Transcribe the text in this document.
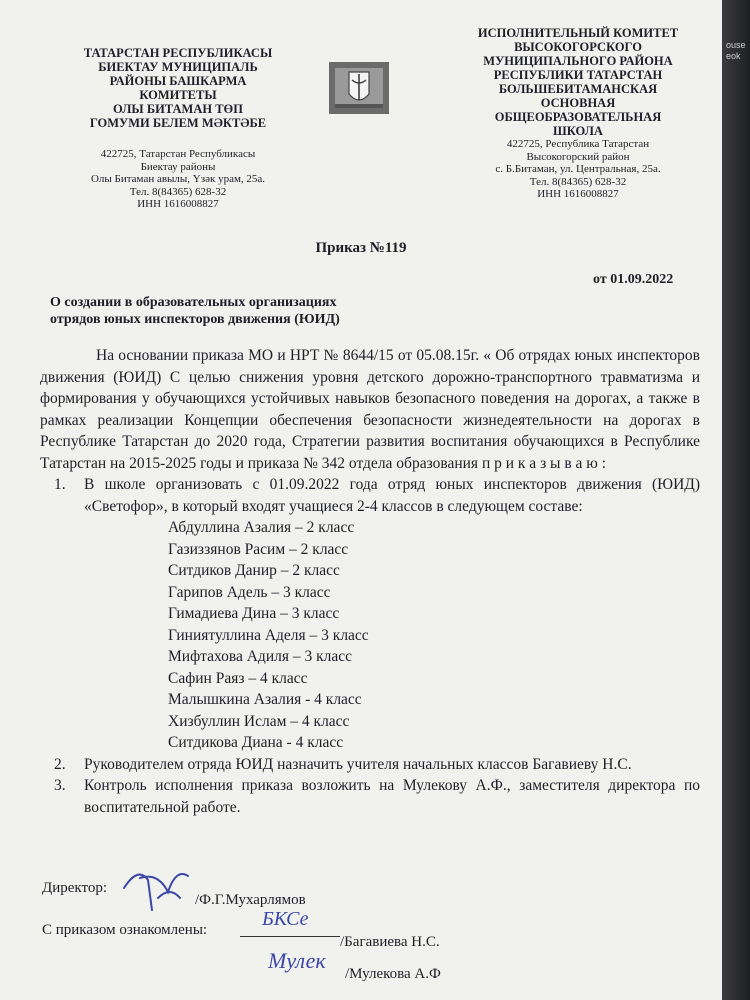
ТАТАРСТАН РЕСПУБЛИКАСЫ
БИЕКТАУ МУНИЦИПАЛЬ
РАЙОНЫ БАШКАРМА
КОМИТЕТЫ
ОЛЫ БИТАМАН ТӨП
ГОМУМИ БЕЛЕМ МӘКТӘБЕ
422725, Татарстан Республикасы
Биектау районы
Олы Битаман авылы, Үзәк урам, 25а.
Тел. 8(84365) 628-32
ИНН 1616008827
ИСПОЛНИТЕЛЬНЫЙ КОМИТЕТ
ВЫСОКОГОРСКОГО
МУНИЦИПАЛЬНОГО РАЙОНА
РЕСПУБЛИКИ ТАТАРСТАН
БОЛЬШЕБИТАМАНСКАЯ
ОСНОВНАЯ
ОБЩЕОБРАЗОВАТЕЛЬНАЯ
ШКОЛА
422725, Республика Татарстан
Высокогорский район
с. Б.Битаман, ул. Центральная, 25а.
Тел. 8(84365) 628-32
ИНН 1616008827
Приказ №119
от 01.09.2022
О создании в образовательных организациях
отрядов юных инспекторов движения (ЮИД)
На основании приказа МО и НРТ № 8644/15 от 05.08.15г. « Об отрядах юных инспекторов движения (ЮИД) С целью снижения уровня детского дорожно-транспортного травматизма и формирования у обучающихся устойчивых навыков безопасного поведения на дорогах, а также в рамках реализации Концепции обеспечения безопасности жизнедеятельности на дорогах в Республике Татарстан до 2020 года, Стратегии развития воспитания обучающихся в Республике Татарстан на 2015-2025 годы и приказа № 342 отдела образования п р и к а з ы в а ю :
1. В школе организовать с 01.09.2022 года отряд юных инспекторов движения (ЮИД) «Светофор», в который входят учащиеся 2-4 классов в следующем составе:
Абдуллина Азалия – 2 класс
Газиззянов Расим – 2 класс
Ситдиков Данир – 2 класс
Гарипов Адель – 3 класс
Гимадиева Дина – 3 класс
Гиниятуллина Аделя – 3 класс
Мифтахова Адиля – 3 класс
Сафин Раяз – 4 класс
Малышкина Азалия - 4 класс
Хизбуллин Ислам – 4 класс
Ситдикова Диана - 4 класс
2. Руководителем отряда ЮИД назначить учителя начальных классов Багавиеву Н.С.
3. Контроль исполнения приказа возложить на Мулекову А.Ф., заместителя директора по воспитательной работе.
Директор:
/Ф.Г.Мухарлямов
С приказом ознакомлены:	БКСе
/Багавиева Н.С.
Мулек
/Мулекова А.Ф
ouse
eok
